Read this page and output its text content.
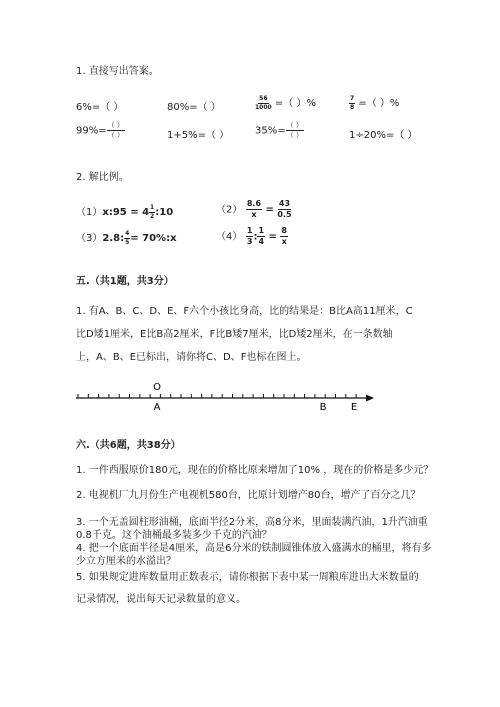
1. 直接写出答案。
6%=（ ）	80%=（ ）	$\frac{56}{1000}$ =（ ）%	$\frac{7}{8}$ =（ ）%
$99\%= \frac{( )}{( )}$	1+5%=（ ）	$35\%= \frac{( )}{( )}$	1÷20%=（ ）
2. 解比例。
（1）x:95 = $4 \frac{1}{2}$ :10	$(2) \frac{8.6}{x} = \frac{43}{0.5}$
（3）2.8: $\frac{4}{5}$ = 70%:x	$(4) \frac{1}{3}$ : $\frac{1}{4} = \frac{8}{x}$
五.（共1题，共3分）
1. 有A、B、C、D、E、F六个小孩比身高，比的结果是：B比A高11厘米，C
比D矮1厘米，E比B高2厘米，F比B矮7厘米，比D矮2厘米，在一条数轴
上，A、B、E已标出，请你将C、D、F也标在图上。
O
A	B E
六.（共6题，共38分）
1. 一件西服原价180元，现在的价格比原来增加了10% ，现在的价格是多少元？
2. 电视机厂九月份生产电视机580台，比原计划增产80台，增产了百分之几？
3. 一个无盖圆柱形油桶，底面半径2分米，高8分米，里面装满汽油，1升汽油重0.8千克。这个油桶最多装多少千克的汽油？
4. 把一个底面半径是4厘米，高是6分米的铁制圆锥体放入盛满水的桶里，将有多少立方厘米的水溢出？
5. 如果规定进库数量用正数表示，请你根据下表中某一周粮库进出大米数量的记录情况，说出每天记录数量的意义。
